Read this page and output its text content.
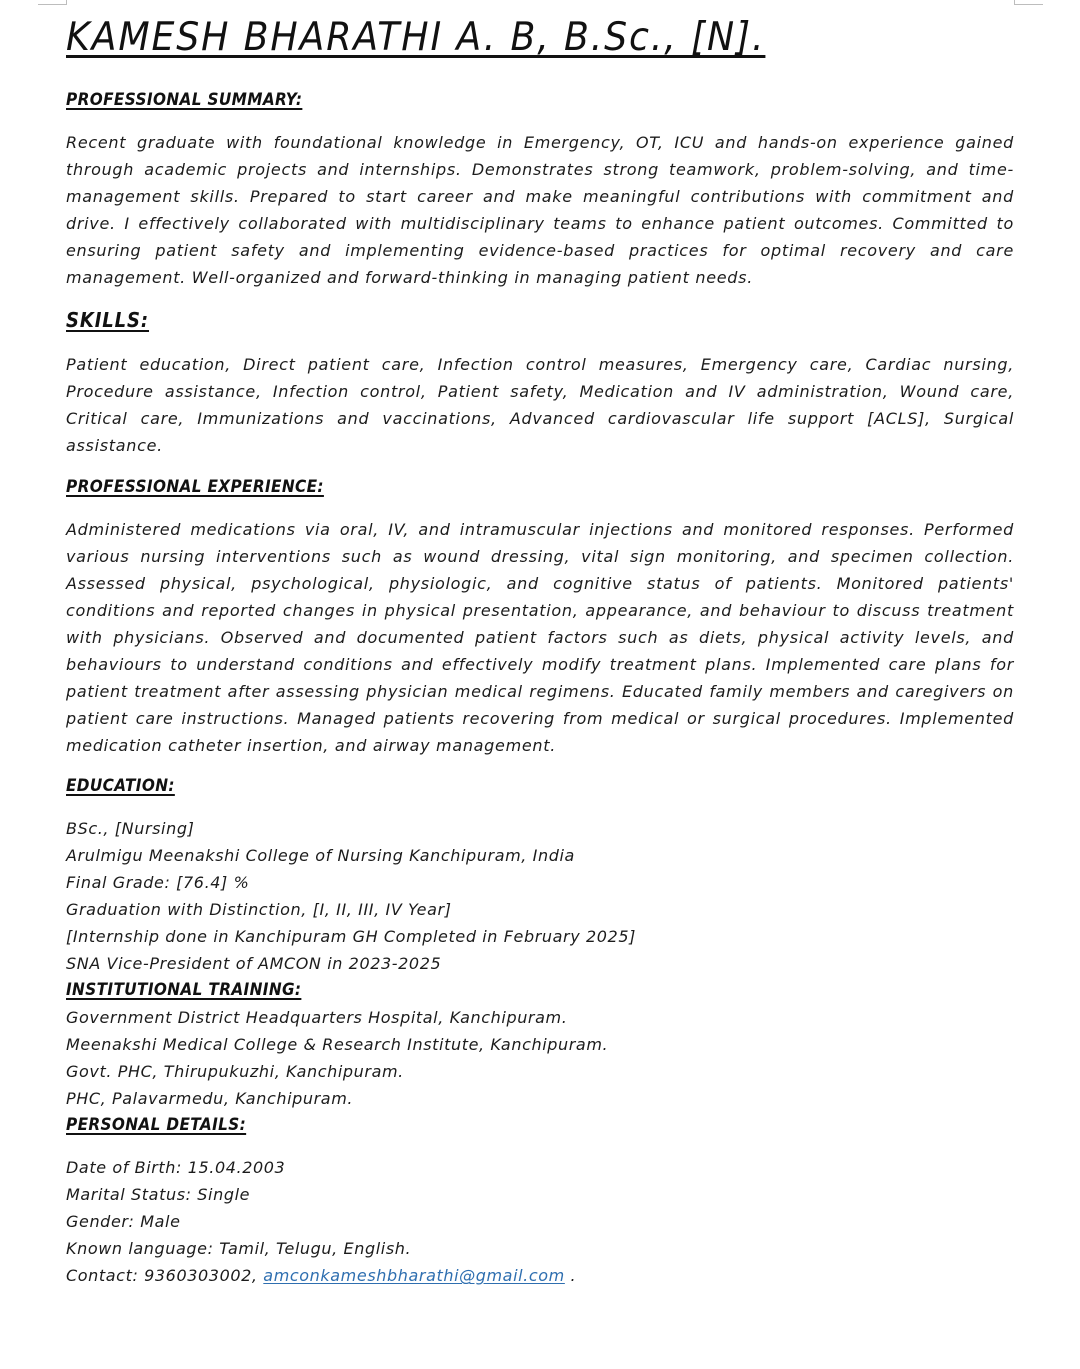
KAMESH BHARATHI A. B, B.Sc., [N].
PROFESSIONAL SUMMARY:

Recent graduate with foundational knowledge in Emergency, OT, ICU and hands-on experience gained through academic projects and internships. Demonstrates strong teamwork, problem-solving, and time-management skills. Prepared to start career and make meaningful contributions with commitment and drive. I effectively collaborated with multidisciplinary teams to enhance patient outcomes. Committed to ensuring patient safety and implementing evidence-based practices for optimal recovery and care management. Well-organized and forward-thinking in managing patient needs.

SKILLS:

Patient education, Direct patient care, Infection control measures, Emergency care, Cardiac nursing, Procedure assistance, Infection control, Patient safety, Medication and IV administration, Wound care, Critical care, Immunizations and vaccinations, Advanced cardiovascular life support [ACLS], Surgical assistance.

PROFESSIONAL EXPERIENCE:

Administered medications via oral, IV, and intramuscular injections and monitored responses. Performed various nursing interventions such as wound dressing, vital sign monitoring, and specimen collection. Assessed physical, psychological, physiologic, and cognitive status of patients. Monitored patients' conditions and reported changes in physical presentation, appearance, and behaviour to discuss treatment with physicians. Observed and documented patient factors such as diets, physical activity levels, and behaviours to understand conditions and effectively modify treatment plans. Implemented care plans for patient treatment after assessing physician medical regimens. Educated family members and caregivers on patient care instructions. Managed patients recovering from medical or surgical procedures. Implemented medication catheter insertion, and airway management.

EDUCATION:
BSc., [Nursing]
Arulmigu Meenakshi College of Nursing Kanchipuram, India
Final Grade: [76.4] %
Graduation with Distinction, [I, II, III, IV Year]
[Internship done in Kanchipuram GH Completed in February 2025]
SNA Vice-President of AMCON in 2023-2025
INSTITUTIONAL TRAINING:
Government District Headquarters Hospital, Kanchipuram.
Meenakshi Medical College & Research Institute, Kanchipuram.
Govt. PHC, Thirupukuzhi, Kanchipuram.
PHC, Palavarmedu, Kanchipuram.
PERSONAL DETAILS:
Date of Birth: 15.04.2003
Marital Status: Single
Gender: Male
Known language: Tamil, Telugu, English.
Contact: 9360303002, amconkameshbharathi@gmail.com .
